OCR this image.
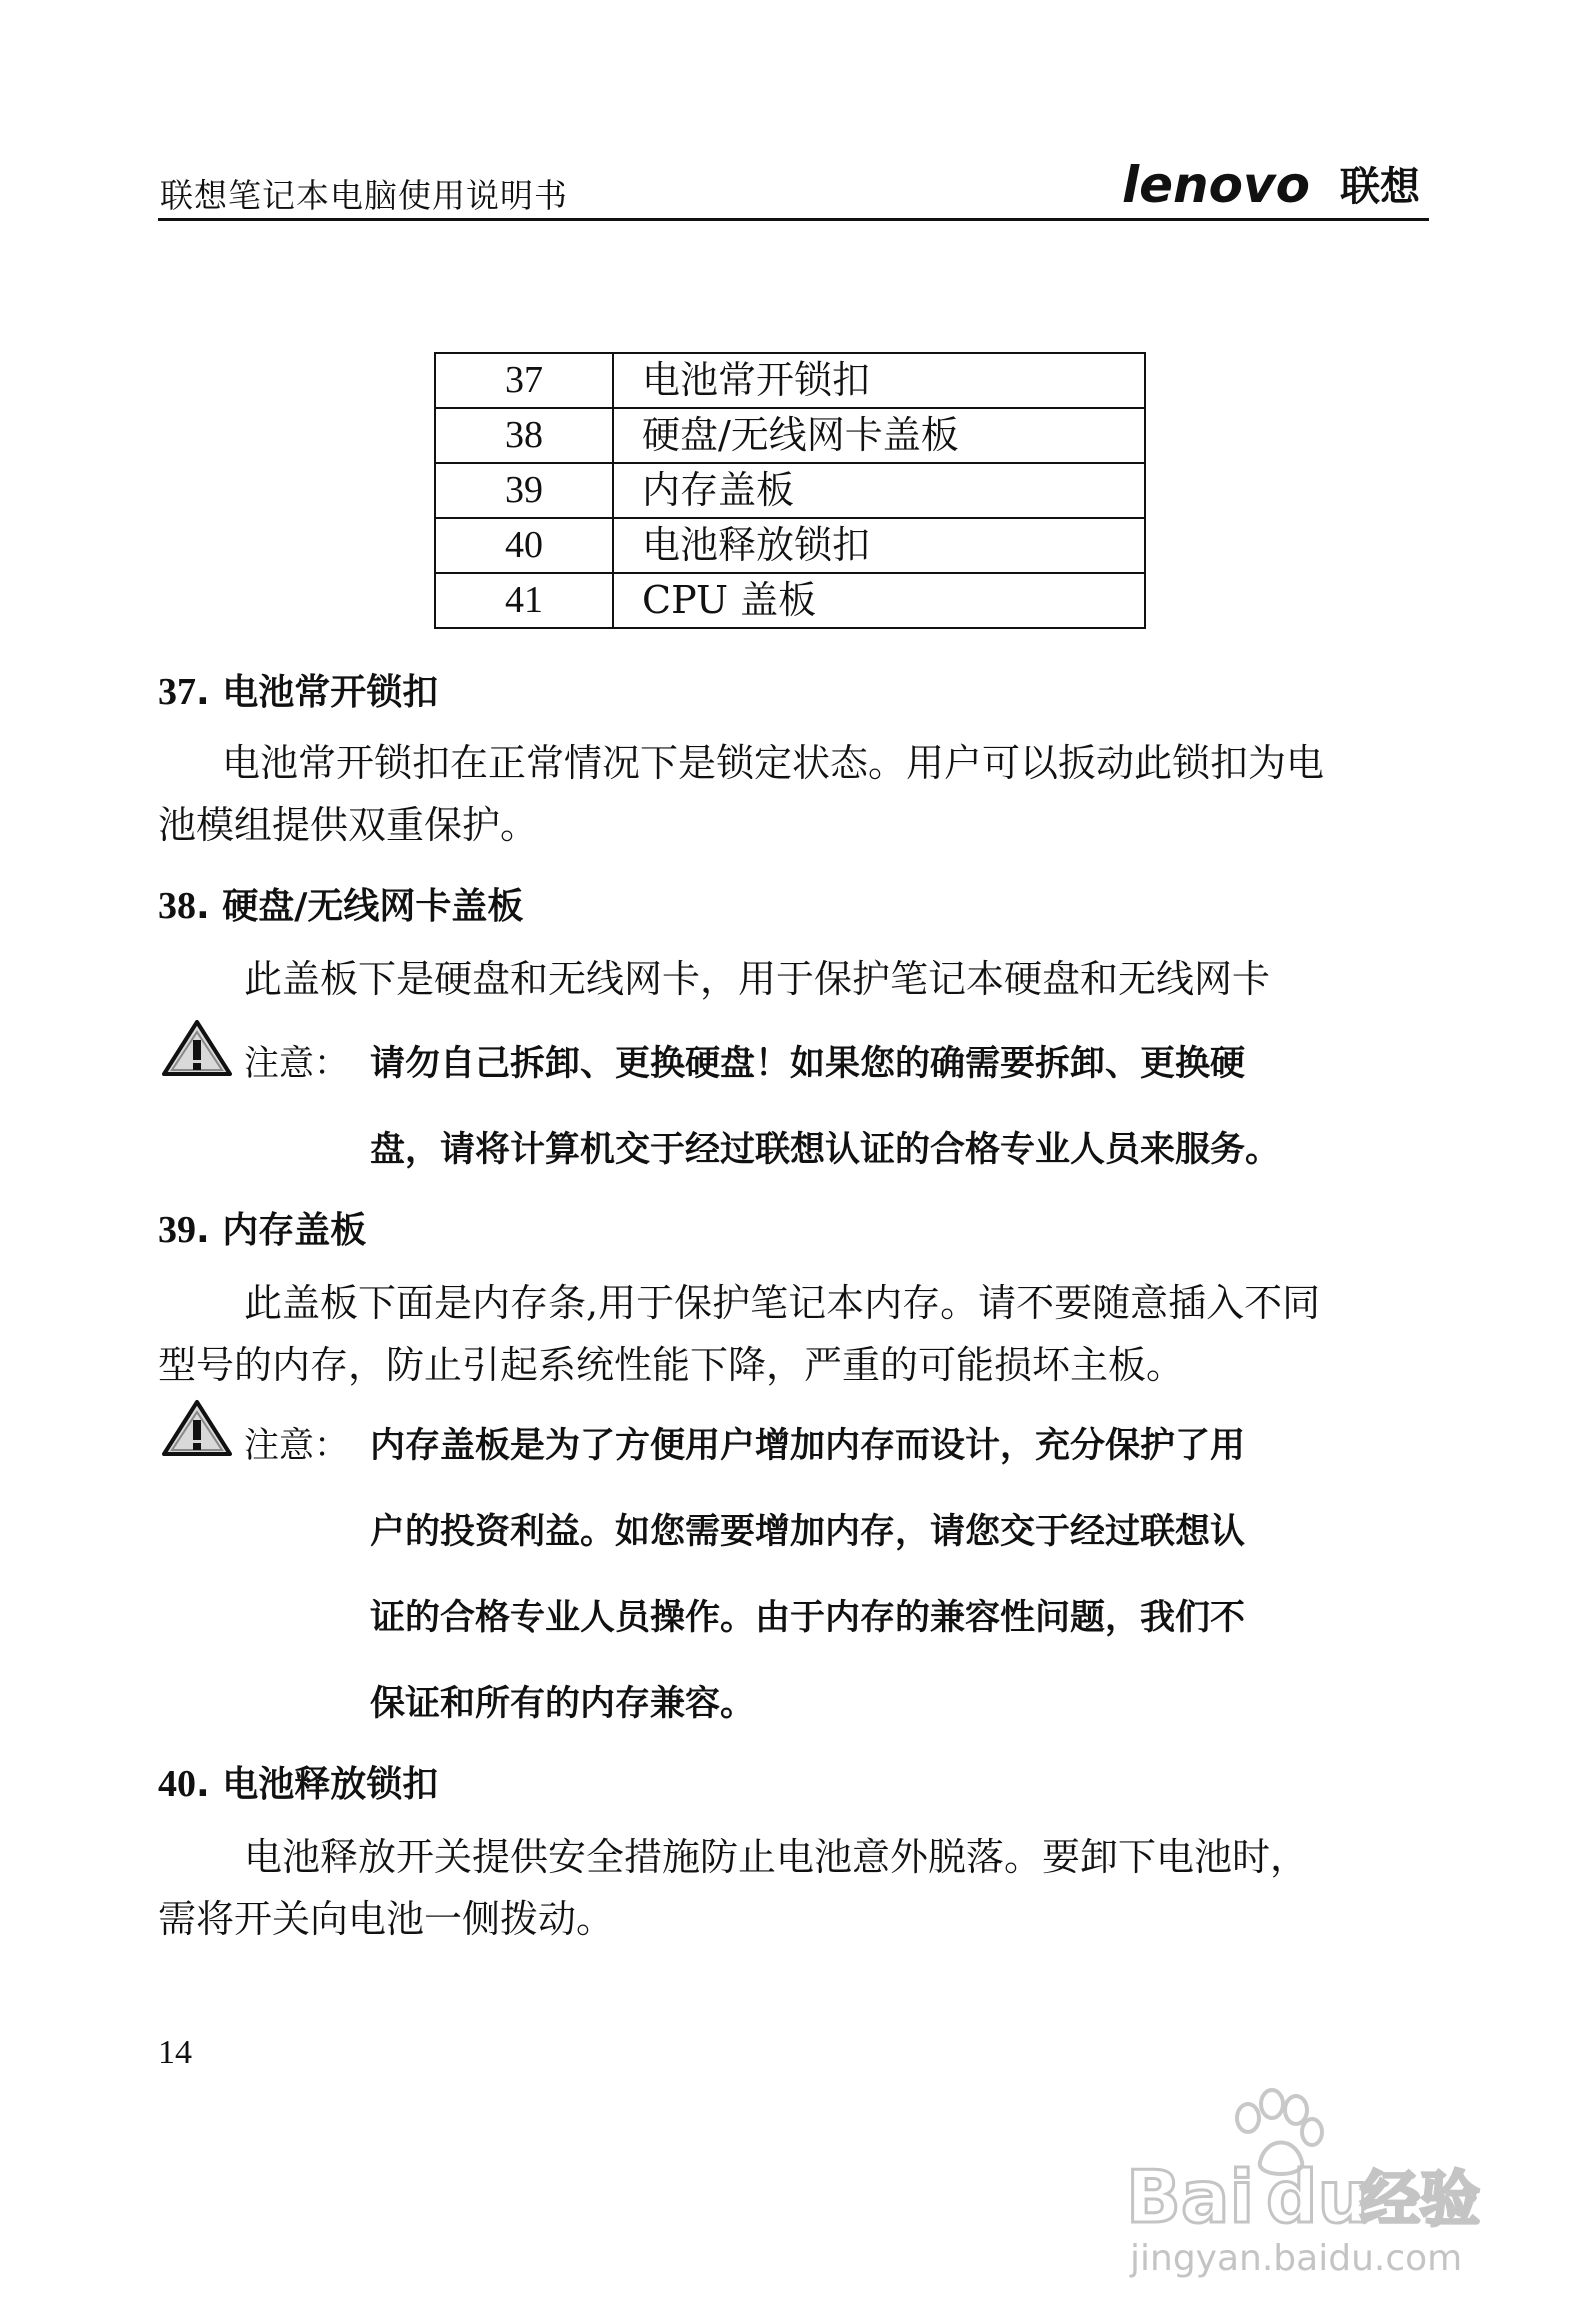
联想笔记本电脑使用说明书	lenovo 联想
37	电池常开锁扣
38	硬盘/无线网卡盖板
39	内存盖板
40	电池释放锁扣
41	CPU 盖板
37. 电池常开锁扣
电池常开锁扣在正常情况下是锁定状态。用户可以扳动此锁扣为电
池模组提供双重保护。
38. 硬盘/无线网卡盖板
此盖板下是硬盘和无线网卡，用于保护笔记本硬盘和无线网卡
注意： 请勿自己拆卸、更换硬盘！如果您的确需要拆卸、更换硬
盘，请将计算机交于经过联想认证的合格专业人员来服务。
39. 内存盖板
此盖板下面是内存条,用于保护笔记本内存。请不要随意插入不同
型号的内存，防止引起系统性能下降，严重的可能损坏主板。
注意： 内存盖板是为了方便用户增加内存而设计，充分保护了用
户的投资利益。如您需要增加内存，请您交于经过联想认
证的合格专业人员操作。由于内存的兼容性问题，我们不
保证和所有的内存兼容。
40. 电池释放锁扣
电池释放开关提供安全措施防止电池意外脱落。要卸下电池时，
需将开关向电池一侧拨动。
14
Bai du
经验
jingyan.baidu.com
